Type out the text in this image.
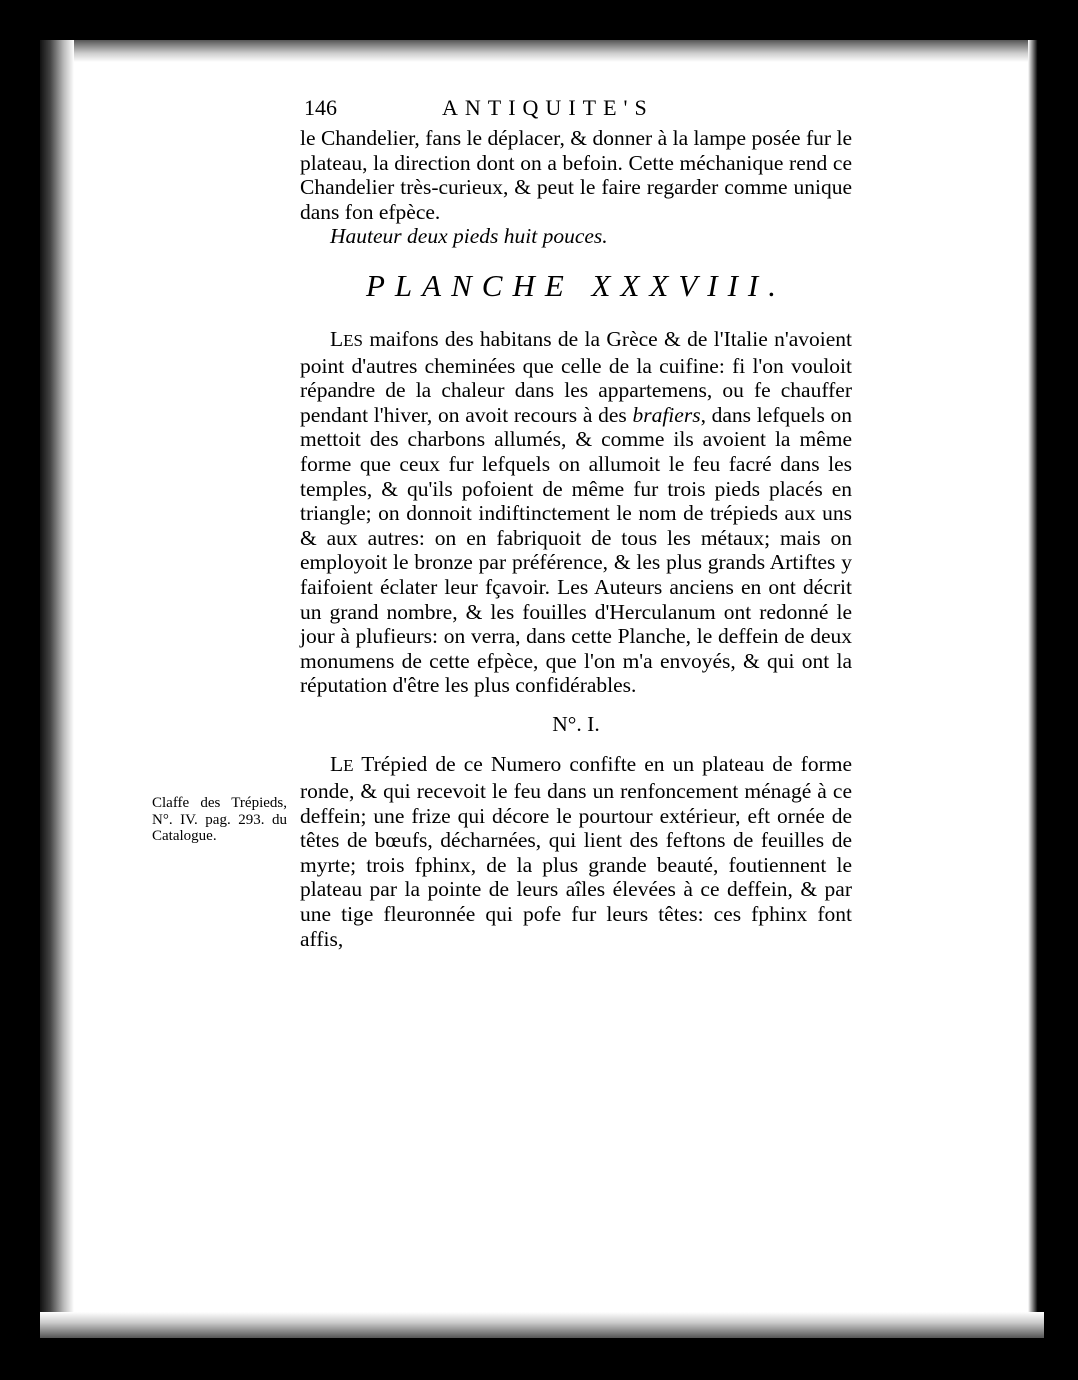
146	ANTIQUITE'S

le Chandelier, fans le déplacer, & donner à la lampe posée fur le plateau, la direction dont on a befoin. Cette méchanique rend ce Chandelier très-curieux, & peut le faire regarder comme unique dans fon efpèce.

Hauteur deux pieds huit pouces.

PLANCHE XXXVIII.

LES maifons des habitans de la Grèce & de l'Italie n'avoient point d'autres cheminées que celle de la cuifine: fi l'on vouloit répandre de la chaleur dans les appartemens, ou fe chauffer pendant l'hiver, on avoit recours à des brafiers, dans lefquels on mettoit des charbons allumés, & comme ils avoient la même forme que ceux fur lefquels on allumoit le feu facré dans les temples, & qu'ils pofoient de même fur trois pieds placés en triangle; on donnoit indiftinctement le nom de trépieds aux uns & aux autres: on en fabriquoit de tous les métaux; mais on employoit le bronze par préférence, & les plus grands Artiftes y faifoient éclater leur fçavoir. Les Auteurs anciens en ont décrit un grand nombre, & les fouilles d'Herculanum ont redonné le jour à plufieurs: on verra, dans cette Planche, le deffein de deux monumens de cette efpèce, que l'on m'a envoyés, & qui ont la réputation d'être les plus confidérables.

N°. I.

LE Trépied de ce Numero confifte en un plateau de forme ronde, & qui recevoit le feu dans un renfoncement ménagé à ce deffein; une frize qui décore le pourtour extérieur, eft ornée de têtes de bœufs, décharnées, qui lient des feftons de feuilles de myrte; trois fphinx, de la plus grande beauté, foutiennent le plateau par la pointe de leurs aîles élevées à ce deffein, & par une tige fleuronnée qui pofe fur leurs têtes: ces fphinx font affis,

Claffe des Trépieds, N°. IV. pag. 293. du Catalogue.
